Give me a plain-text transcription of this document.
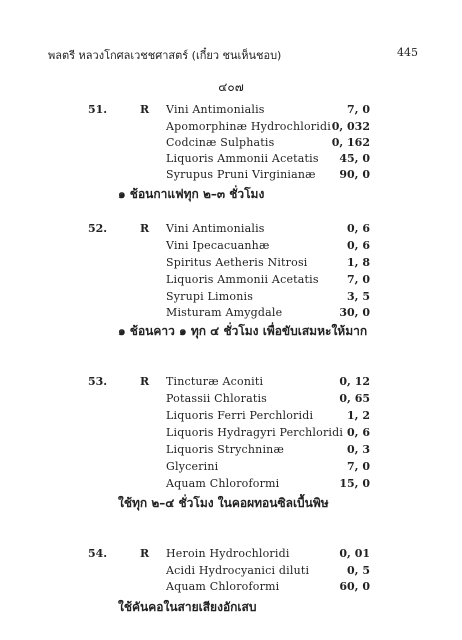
พลตรี หลวงโกศลเวชชศาสตร์ (เกี๋ยว ชนเห็นชอบ)	445
๔๐๗
51.	R Vini Antimonialis	7, 0
Apomorphinæ Hydrochloridi 0, 032
Codcinæ Sulphatis	0, 162
Liquoris Ammonii Acetatis 45, 0
Syrupus Pruni Virginianæ 90, 0
๑ ช้อนกาแฟทุก ๒–๓ ชั่วโมง
52.	R Vini Antimonialis	0, 6
Vini Ipecacuanhæ	0, 6
Spiritus Aetheris Nitrosi	1, 8
Liquoris Ammonii Acetatis	7, 0
Syrupi Limonis	3, 5
Misturam Amygdale	30, 0
๑ ช้อนคาว ๑ ทุก ๔ ชั่วโมง เพื่อขับเสมหะให้มาก
53.	R Tincturæ Aconiti	0, 12
Potassii Chloratis	0, 65
Liquoris Ferri Perchloridi	1, 2
Liquoris Hydragyri Perchloridi 0, 6
Liquoris Strychninæ	0, 3
Glycerini	7, 0
Aquam Chloroformi	15, 0
ใช้ทุก ๒–๔ ชั่วโมง ในคอผทอนซิลเบื้นพิษ
54.	R Heroin Hydrochloridi	0, 01
Acidi Hydrocyanici diluti	0, 5
Aquam Chloroformi	60, 0
ใช้คันคอในสายเสียงอักเสบ
